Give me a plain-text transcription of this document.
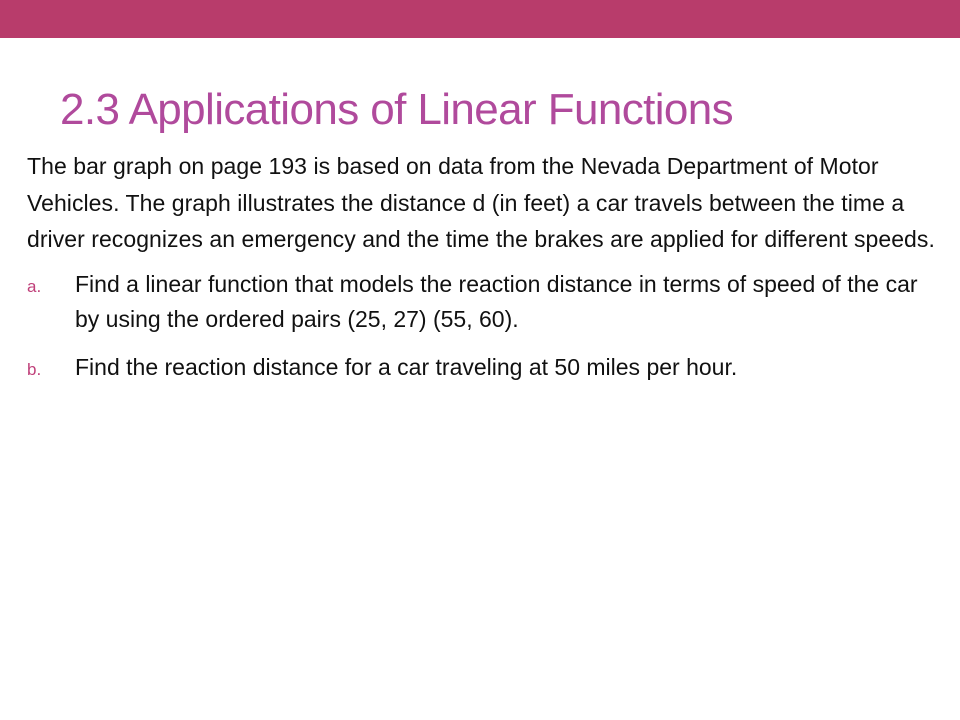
2.3 Applications of Linear Functions

The bar graph on page 193 is based on data from the Nevada Department of Motor Vehicles. The graph illustrates the distance d (in feet) a car travels between the time a driver recognizes an emergency and the time the brakes are applied for different speeds.

a. Find a linear function that models the reaction distance in terms of speed of the car by using the ordered pairs (25, 27) (55, 60).
b. Find the reaction distance for a car traveling at 50 miles per hour.
